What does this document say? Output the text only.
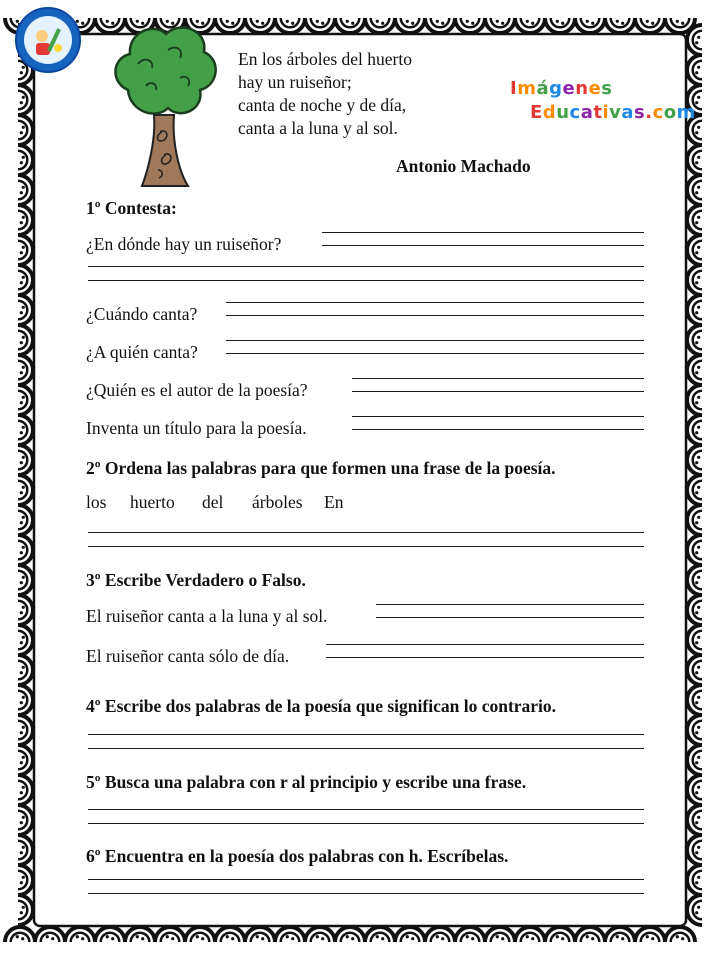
En los árboles del huerto
hay un ruiseñor;
canta de noche y de día,
canta a la luna y al sol.
Antonio Machado
Imágenes
Educativas.com
1º Contesta:
¿En dónde hay un ruiseñor?
¿Cuándo canta?
¿A quién canta?
¿Quién es el autor de la poesía?
Inventa un título para la poesía.
2º Ordena las palabras para que formen una frase de la poesía.
los huerto del árboles En
3º Escribe Verdadero o Falso.
El ruiseñor canta a la luna y al sol.
El ruiseñor canta sólo de día.
4º Escribe dos palabras de la poesía que significan lo contrario.
5º Busca una palabra con r al principio y escribe una frase.
6º Encuentra en la poesía dos palabras con h. Escríbelas.
